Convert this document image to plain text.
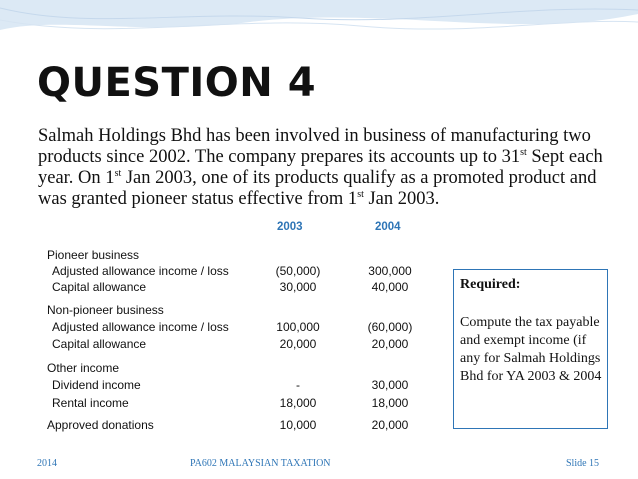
QUESTION 4
Salmah Holdings Bhd has been involved in business of manufacturing two products since 2002. The company prepares its accounts up to 31st Sept each year. On 1st Jan 2003, one of its products qualify as a promoted product and was granted pioneer status effective from 1st Jan 2003.
2003	2004
Pioneer business
Adjusted allowance income / loss	(50,000)	300,000
Capital allowance	30,000	40,000
Non-pioneer business
Adjusted allowance income / loss	100,000	(60,000)
Capital allowance	20,000	20,000
Other income
Dividend income	-	30,000
Rental income	18,000	18,000
Approved donations	10,000	20,000
Required:
Compute the tax payable and exempt income (if any for Salmah Holdings Bhd for YA 2003 & 2004
2014	PA602 MALAYSIAN TAXATION	Slide 15
